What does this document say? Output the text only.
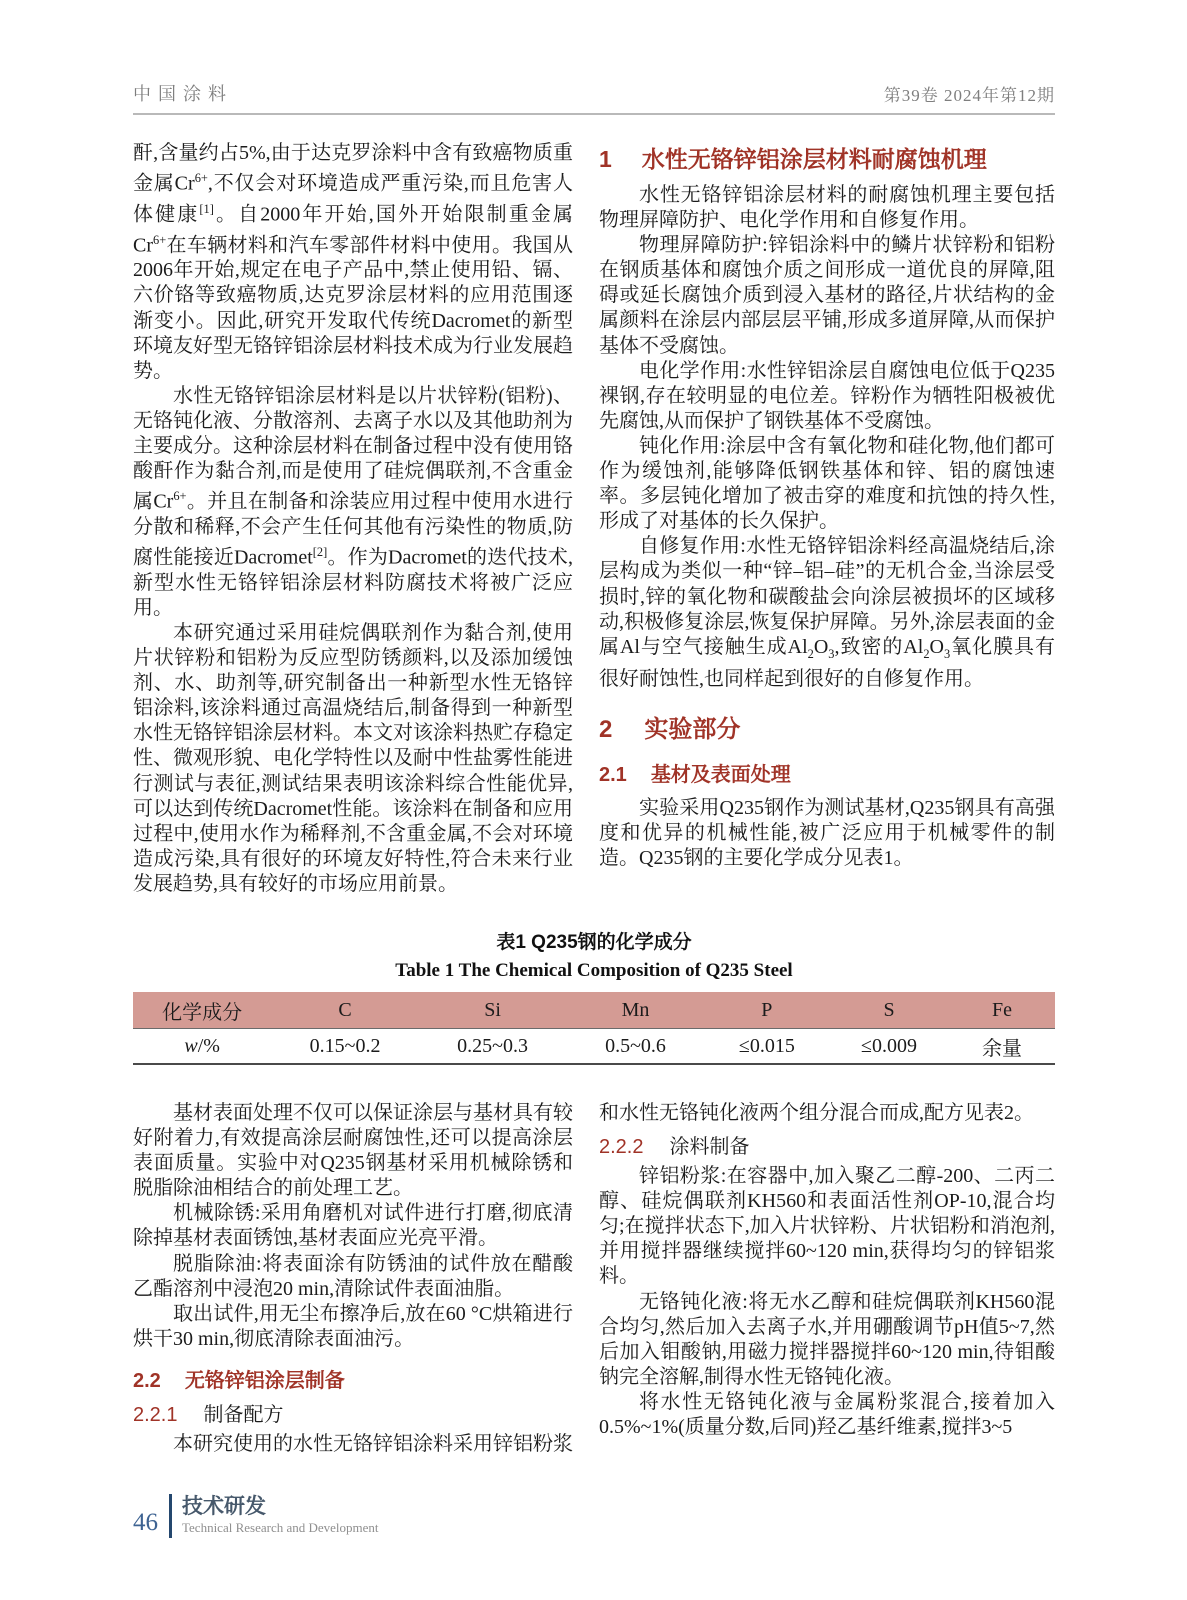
中国涂料	第39卷 2024年第12期

酐,含量约占5%,由于达克罗涂料中含有致癌物质重金属$Cr^{6+}$,不仅会对环境造成严重污染,而且危害人体健康[1]。自2000年开始,国外开始限制重金属$Cr^{6+}$在车辆材料和汽车零部件材料中使用。我国从2006年开始,规定在电子产品中,禁止使用铅、镉、六价铬等致癌物质,达克罗涂层材料的应用范围逐渐变小。因此,研究开发取代传统Dacromet的新型环境友好型无铬锌铝涂层材料技术成为行业发展趋势。

水性无铬锌铝涂层材料是以片状锌粉(铝粉)、无铬钝化液、分散溶剂、去离子水以及其他助剂为主要成分。这种涂层材料在制备过程中没有使用铬酸酐作为黏合剂,而是使用了硅烷偶联剂,不含重金属$Cr^{6+}$。并且在制备和涂装应用过程中使用水进行分散和稀释,不会产生任何其他有污染性的物质,防腐性能接近Dacromet[2]。作为Dacromet的迭代技术,新型水性无铬锌铝涂层材料防腐技术将被广泛应用。

本研究通过采用硅烷偶联剂作为黏合剂,使用片状锌粉和铝粉为反应型防锈颜料,以及添加缓蚀剂、水、助剂等,研究制备出一种新型水性无铬锌铝涂料,该涂料通过高温烧结后,制备得到一种新型水性无铬锌铝涂层材料。本文对该涂料热贮存稳定性、微观形貌、电化学特性以及耐中性盐雾性能进行测试与表征,测试结果表明该涂料综合性能优异,可以达到传统Dacromet性能。该涂料在制备和应用过程中,使用水作为稀释剂,不含重金属,不会对环境造成污染,具有很好的环境友好特性,符合未来行业发展趋势,具有较好的市场应用前景。

1 水性无铬锌铝涂层材料耐腐蚀机理

水性无铬锌铝涂层材料的耐腐蚀机理主要包括物理屏障防护、电化学作用和自修复作用。

物理屏障防护:锌铝涂料中的鳞片状锌粉和铝粉在钢质基体和腐蚀介质之间形成一道优良的屏障,阻碍或延长腐蚀介质到浸入基材的路径,片状结构的金属颜料在涂层内部层层平铺,形成多道屏障,从而保护基体不受腐蚀。

电化学作用:水性锌铝涂层自腐蚀电位低于Q235裸钢,存在较明显的电位差。锌粉作为牺牲阳极被优先腐蚀,从而保护了钢铁基体不受腐蚀。

钝化作用:涂层中含有氧化物和硅化物,他们都可作为缓蚀剂,能够降低钢铁基体和锌、铝的腐蚀速率。多层钝化增加了被击穿的难度和抗蚀的持久性,形成了对基体的长久保护。

自修复作用:水性无铬锌铝涂料经高温烧结后,涂层构成为类似一种“锌–铝–硅”的无机合金,当涂层受损时,锌的氧化物和碳酸盐会向涂层被损坏的区域移动,积极修复涂层,恢复保护屏障。另外,涂层表面的金属Al与空气接触生成$Al_2O_3$,致密的$Al_2O_3$氧化膜具有很好耐蚀性,也同样起到很好的自修复作用。

2 实验部分
2.1 基材及表面处理

实验采用Q235钢作为测试基材,Q235钢具有高强度和优异的机械性能,被广泛应用于机械零件的制造。Q235钢的主要化学成分见表1。

表1 Q235钢的化学成分

Table 1 The Chemical Composition of Q235 Steel

化学成分	C	Si	Mn	P	S	Fe
w/%	0.15~0.2	0.25~0.3	0.5~0.6	≤0.015	≤0.009	余量

基材表面处理不仅可以保证涂层与基材具有较好附着力,有效提高涂层耐腐蚀性,还可以提高涂层表面质量。实验中对Q235钢基材采用机械除锈和脱脂除油相结合的前处理工艺。

机械除锈:采用角磨机对试件进行打磨,彻底清除掉基材表面锈蚀,基材表面应光亮平滑。

脱脂除油:将表面涂有防锈油的试件放在醋酸乙酯溶剂中浸泡20 min,清除试件表面油脂。

取出试件,用无尘布擦净后,放在60 °C烘箱进行烘干30 min,彻底清除表面油污。

2.2 无铬锌铝涂层制备
2.2.1 制备配方

本研究使用的水性无铬锌铝涂料采用锌铝粉浆

和水性无铬钝化液两个组分混合而成,配方见表2。

2.2.2 涂料制备

锌铝粉浆:在容器中,加入聚乙二醇-200、二丙二醇、硅烷偶联剂KH560和表面活性剂OP-10,混合均匀;在搅拌状态下,加入片状锌粉、片状铝粉和消泡剂,并用搅拌器继续搅拌60~120 min,获得均匀的锌铝浆料。

无铬钝化液:将无水乙醇和硅烷偶联剂KH560混合均匀,然后加入去离子水,并用硼酸调节pH值5~7,然后加入钼酸钠,用磁力搅拌器搅拌60~120 min,待钼酸钠完全溶解,制得水性无铬钝化液。

将水性无铬钝化液与金属粉浆混合,接着加入0.5%~1%(质量分数,后同)羟乙基纤维素,搅拌3~5

46
技术研发
Technical Research and Development
